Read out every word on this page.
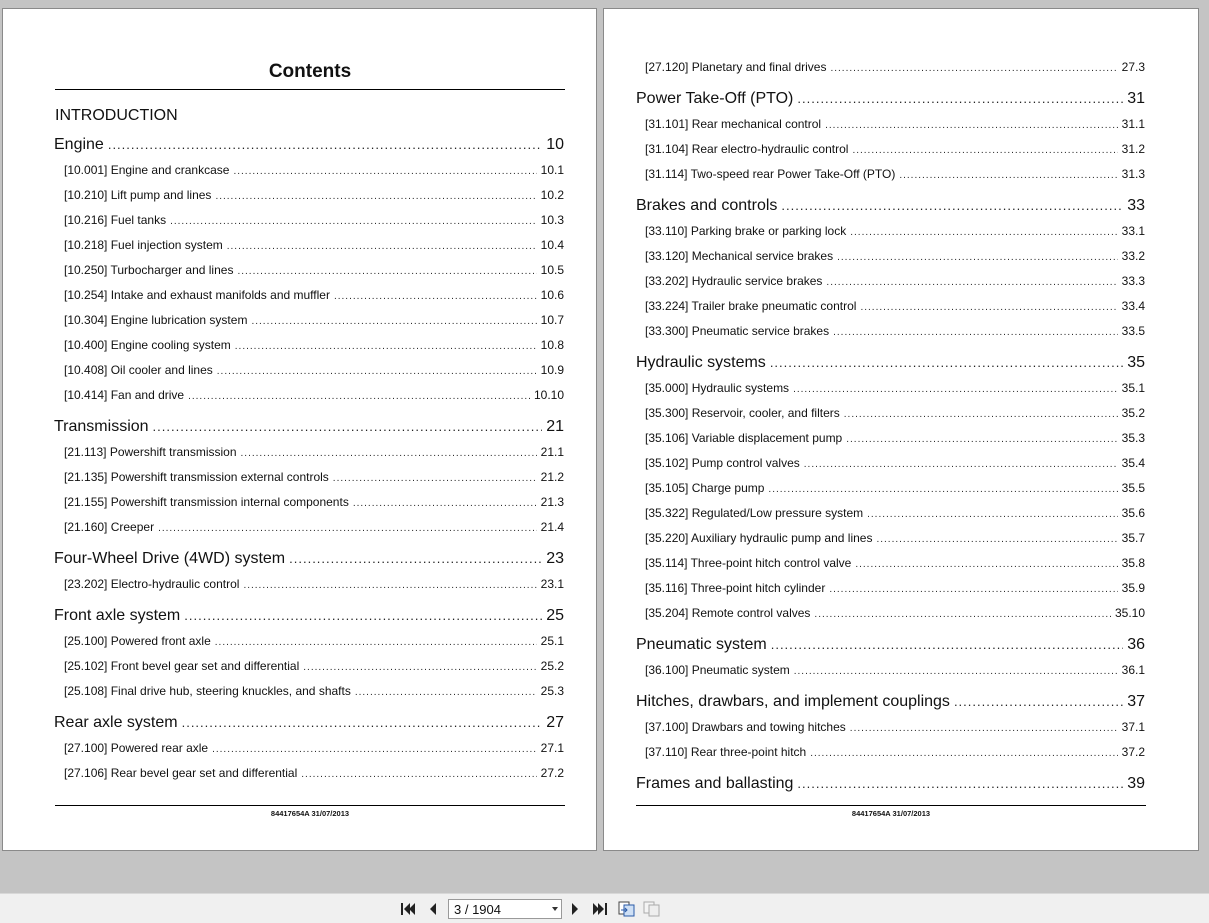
Contents
INTRODUCTION
Engine .....	10
[10.001] Engine and crankcase .....	10.1
[10.210] Lift pump and lines .....	10.2
[10.216] Fuel tanks .....	10.3
[10.218] Fuel injection system .....	10.4
[10.250] Turbocharger and lines .....	10.5
[10.254] Intake and exhaust manifolds and muffler .....	10.6
[10.304] Engine lubrication system .....	10.7
[10.400] Engine cooling system .....	10.8
[10.408] Oil cooler and lines .....	10.9
[10.414] Fan and drive .....	10.10
Transmission .....	21
[21.113] Powershift transmission .....	21.1
[21.135] Powershift transmission external controls .....	21.2
[21.155] Powershift transmission internal components .....	21.3
[21.160] Creeper .....	21.4
Four-Wheel Drive (4WD) system .....	23
[23.202] Electro-hydraulic control .....	23.1
Front axle system .....	25
[25.100] Powered front axle .....	25.1
[25.102] Front bevel gear set and differential .....	25.2
[25.108] Final drive hub, steering knuckles, and shafts .....	25.3
Rear axle system .....	27
[27.100] Powered rear axle .....	27.1
[27.106] Rear bevel gear set and differential .....	27.2
84417654A 31/07/2013
[27.120] Planetary and final drives .....	27.3
Power Take-Off (PTO) .....	31
[31.101] Rear mechanical control .....	31.1
[31.104] Rear electro-hydraulic control .....	31.2
[31.114] Two-speed rear Power Take-Off (PTO) .....	31.3
Brakes and controls .....	33
[33.110] Parking brake or parking lock .....	33.1
[33.120] Mechanical service brakes .....	33.2
[33.202] Hydraulic service brakes .....	33.3
[33.224] Trailer brake pneumatic control .....	33.4
[33.300] Pneumatic service brakes .....	33.5
Hydraulic systems .....	35
[35.000] Hydraulic systems .....	35.1
[35.300] Reservoir, cooler, and filters .....	35.2
[35.106] Variable displacement pump .....	35.3
[35.102] Pump control valves .....	35.4
[35.105] Charge pump .....	35.5
[35.322] Regulated/Low pressure system .....	35.6
[35.220] Auxiliary hydraulic pump and lines .....	35.7
[35.114] Three-point hitch control valve .....	35.8
[35.116] Three-point hitch cylinder .....	35.9
[35.204] Remote control valves .....	35.10
Pneumatic system .....	36
[36.100] Pneumatic system .....	36.1
Hitches, drawbars, and implement couplings .....	37
[37.100] Drawbars and towing hitches .....	37.1
[37.110] Rear three-point hitch .....	37.2
Frames and ballasting .....	39
84417654A 31/07/2013
3 / 1904
